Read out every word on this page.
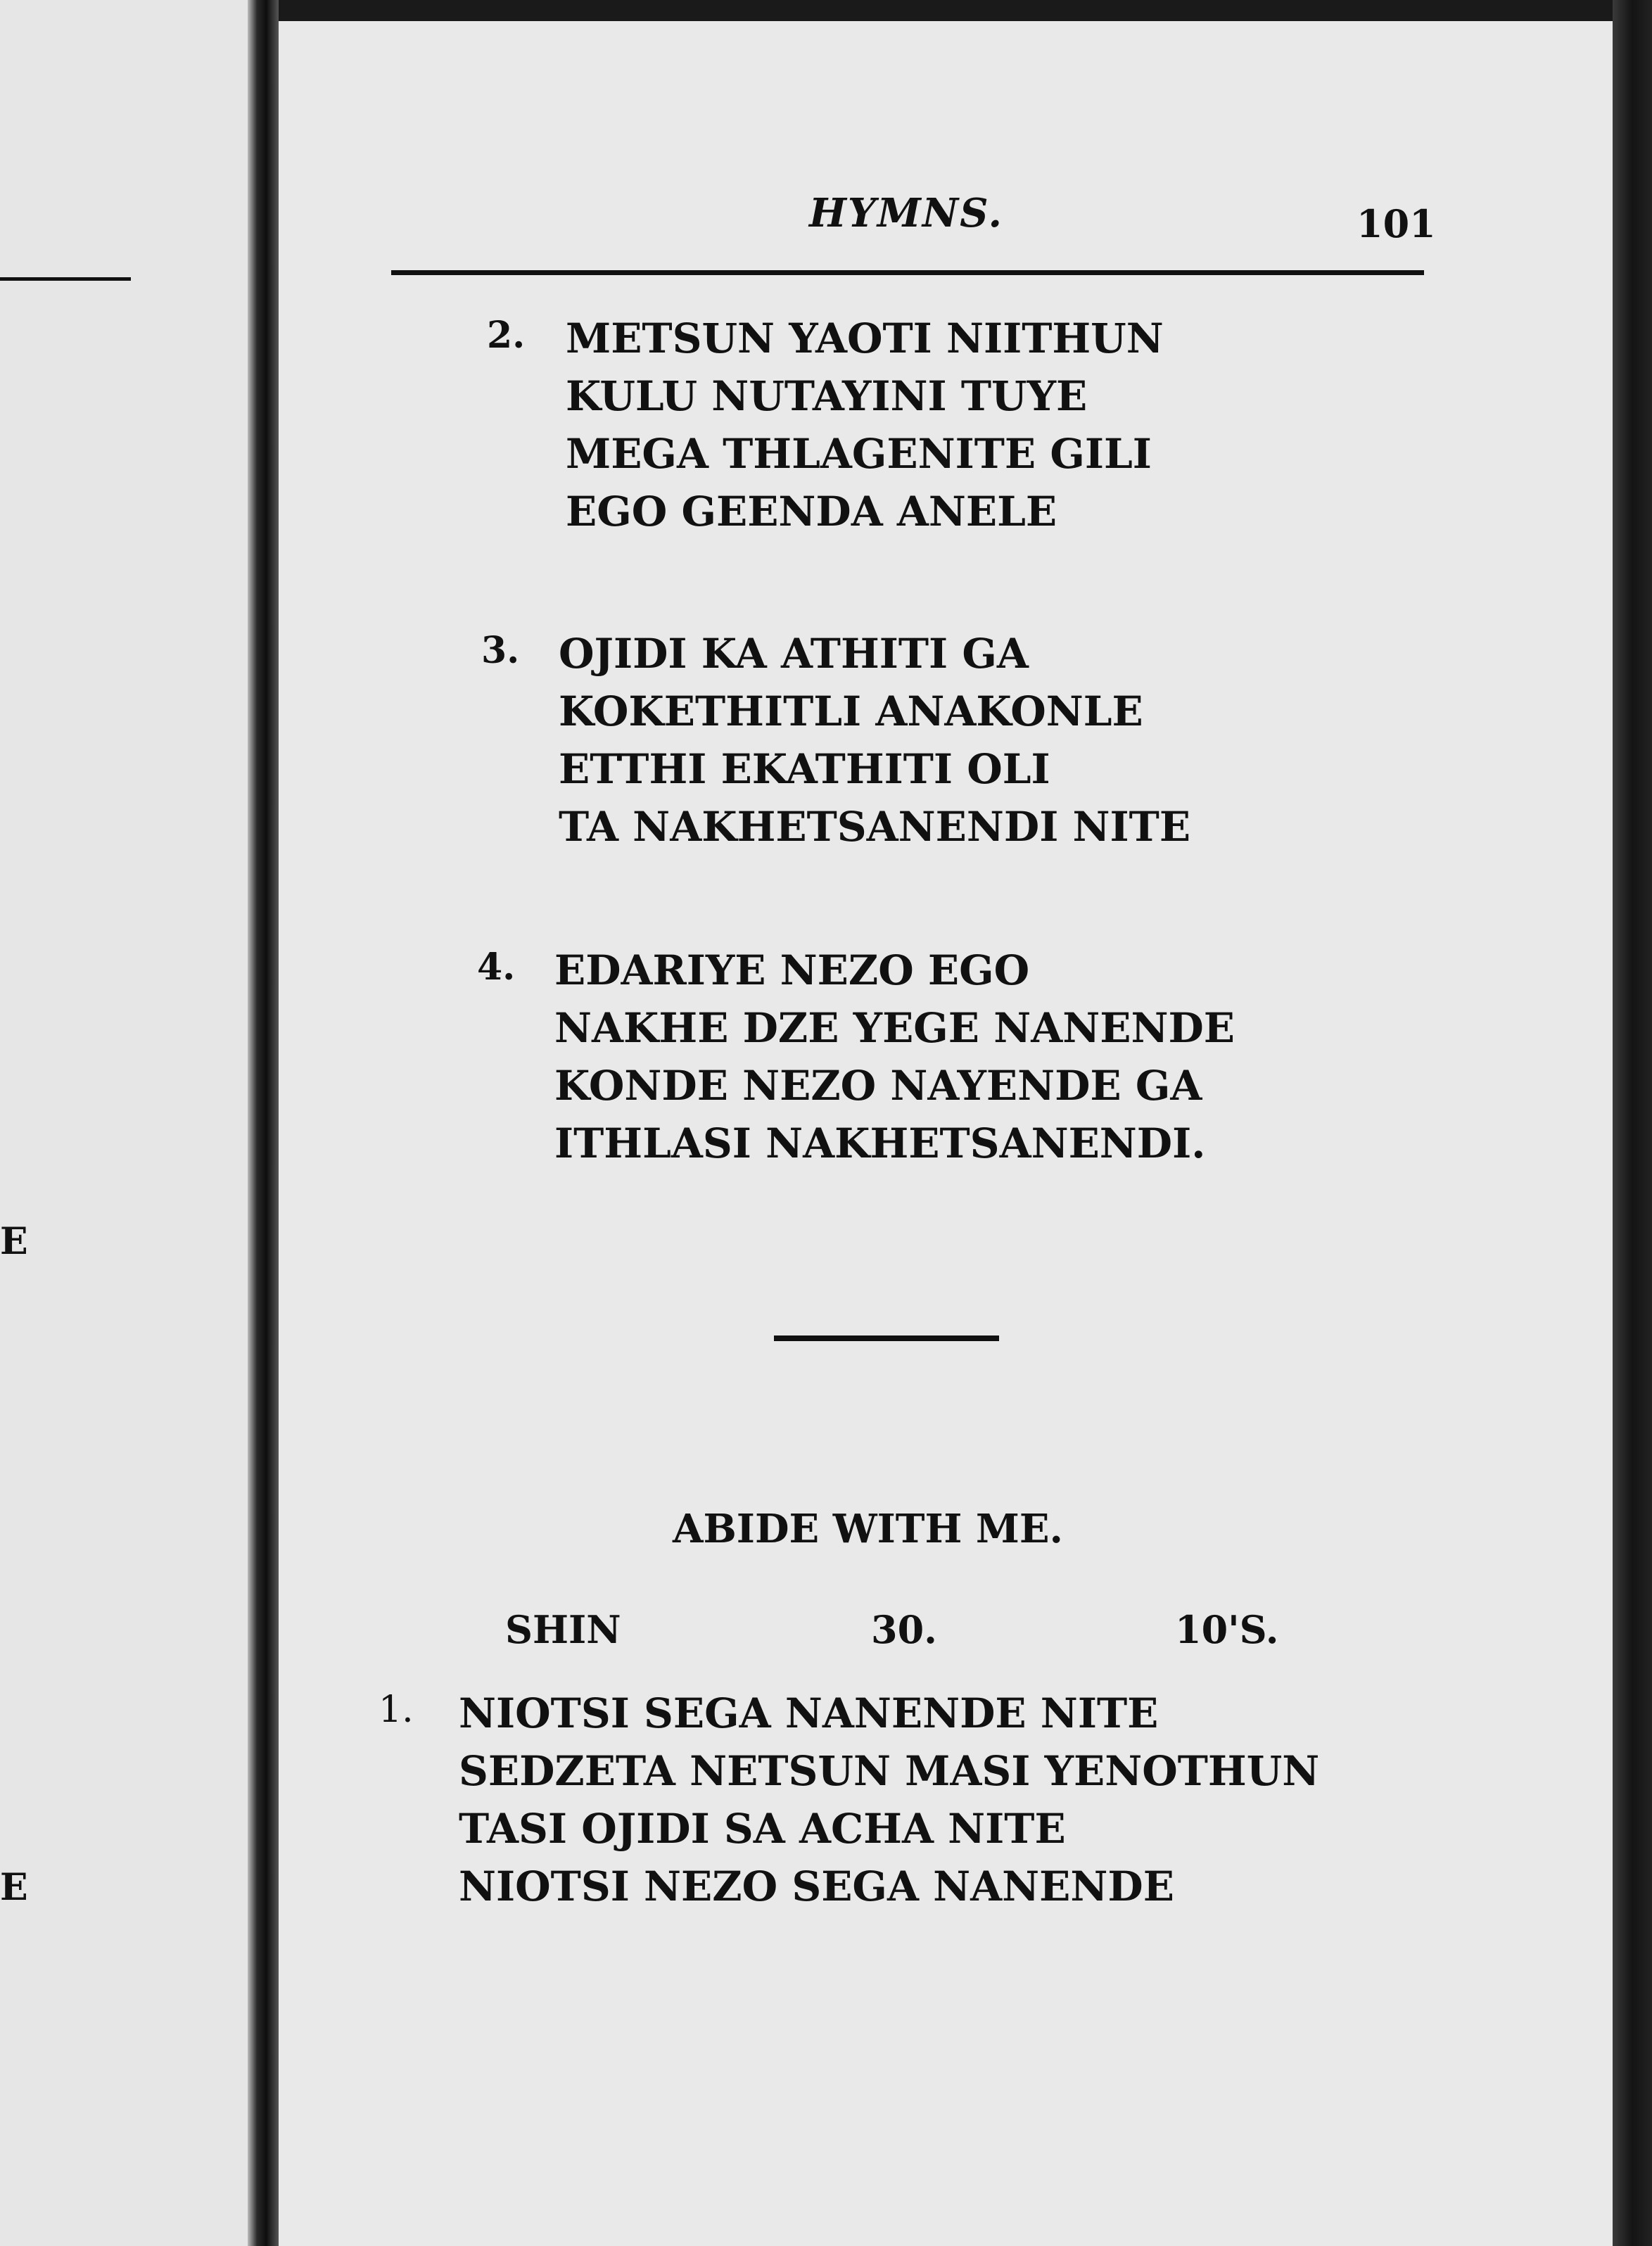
E
E
HYMNS.	101
2. METSUN YAOTI NIITHUN
KULU NUTAYINI TUYE
MEGA THLAGENITE GILI
EGO GEENDA ANELE
3. OJIDI KA ATHITI GA
KOKETHITLI ANAKONLE
ETTHI EKATHITI OLI
TA NAKHETSANENDI NITE
4. EDARIYE NEZO EGO
NAKHE DZE YEGE NANENDE
KONDE NEZO NAYENDE GA
ITHLASI NAKHETSANENDI.
ABIDE WITH ME.
SHIN	30.	10'S.
1. NIOTSI SEGA NANENDE NITE
SEDZETA NETSUN MASI YENOTHUN
TASI OJIDI SA ACHA NITE
NIOTSI NEZO SEGA NANENDE
